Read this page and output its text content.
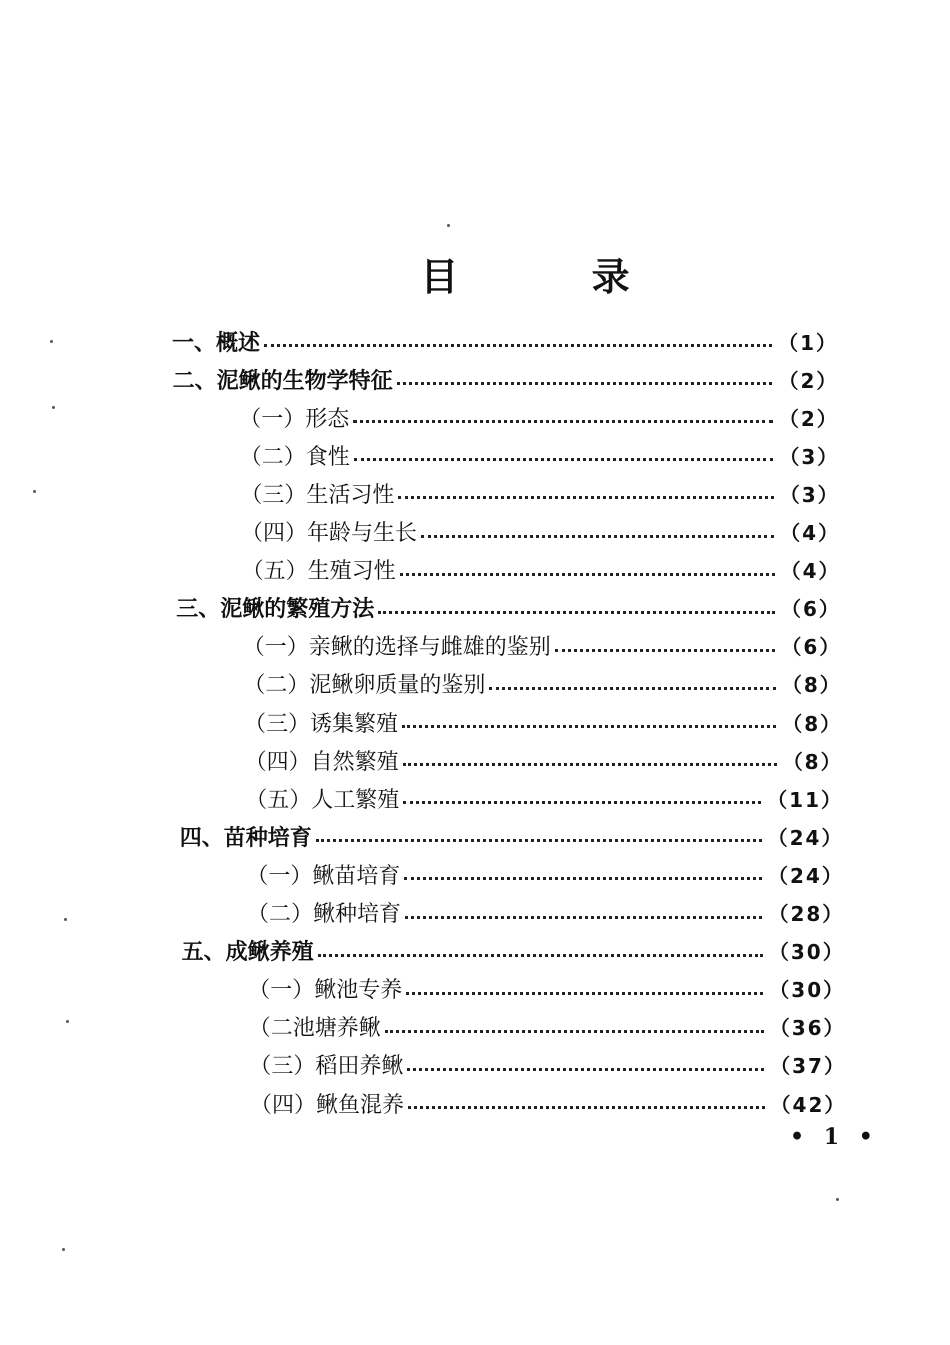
目 录
一、概述	（1）
二、泥鳅的生物学特征	（2）
（一）形态	（2）
（二）食性	（3）
（三）生活习性	（3）
（四）年龄与生长	（4）
（五）生殖习性	（4）
三、泥鳅的繁殖方法	（6）
（一）亲鳅的选择与雌雄的鉴别	（6）
（二）泥鳅卵质量的鉴别	（8）
（三）诱集繁殖	（8）
（四）自然繁殖	（8）
（五）人工繁殖	（11）
四、苗种培育	（24）
（一）鳅苗培育	（24）
（二）鳅种培育	（28）
五、成鳅养殖	（30）
（一）鳅池专养	（30）
（二池塘养鳅	（36）
（三）稻田养鳅	（37）
（四）鳅鱼混养	（42）
• 1 •
